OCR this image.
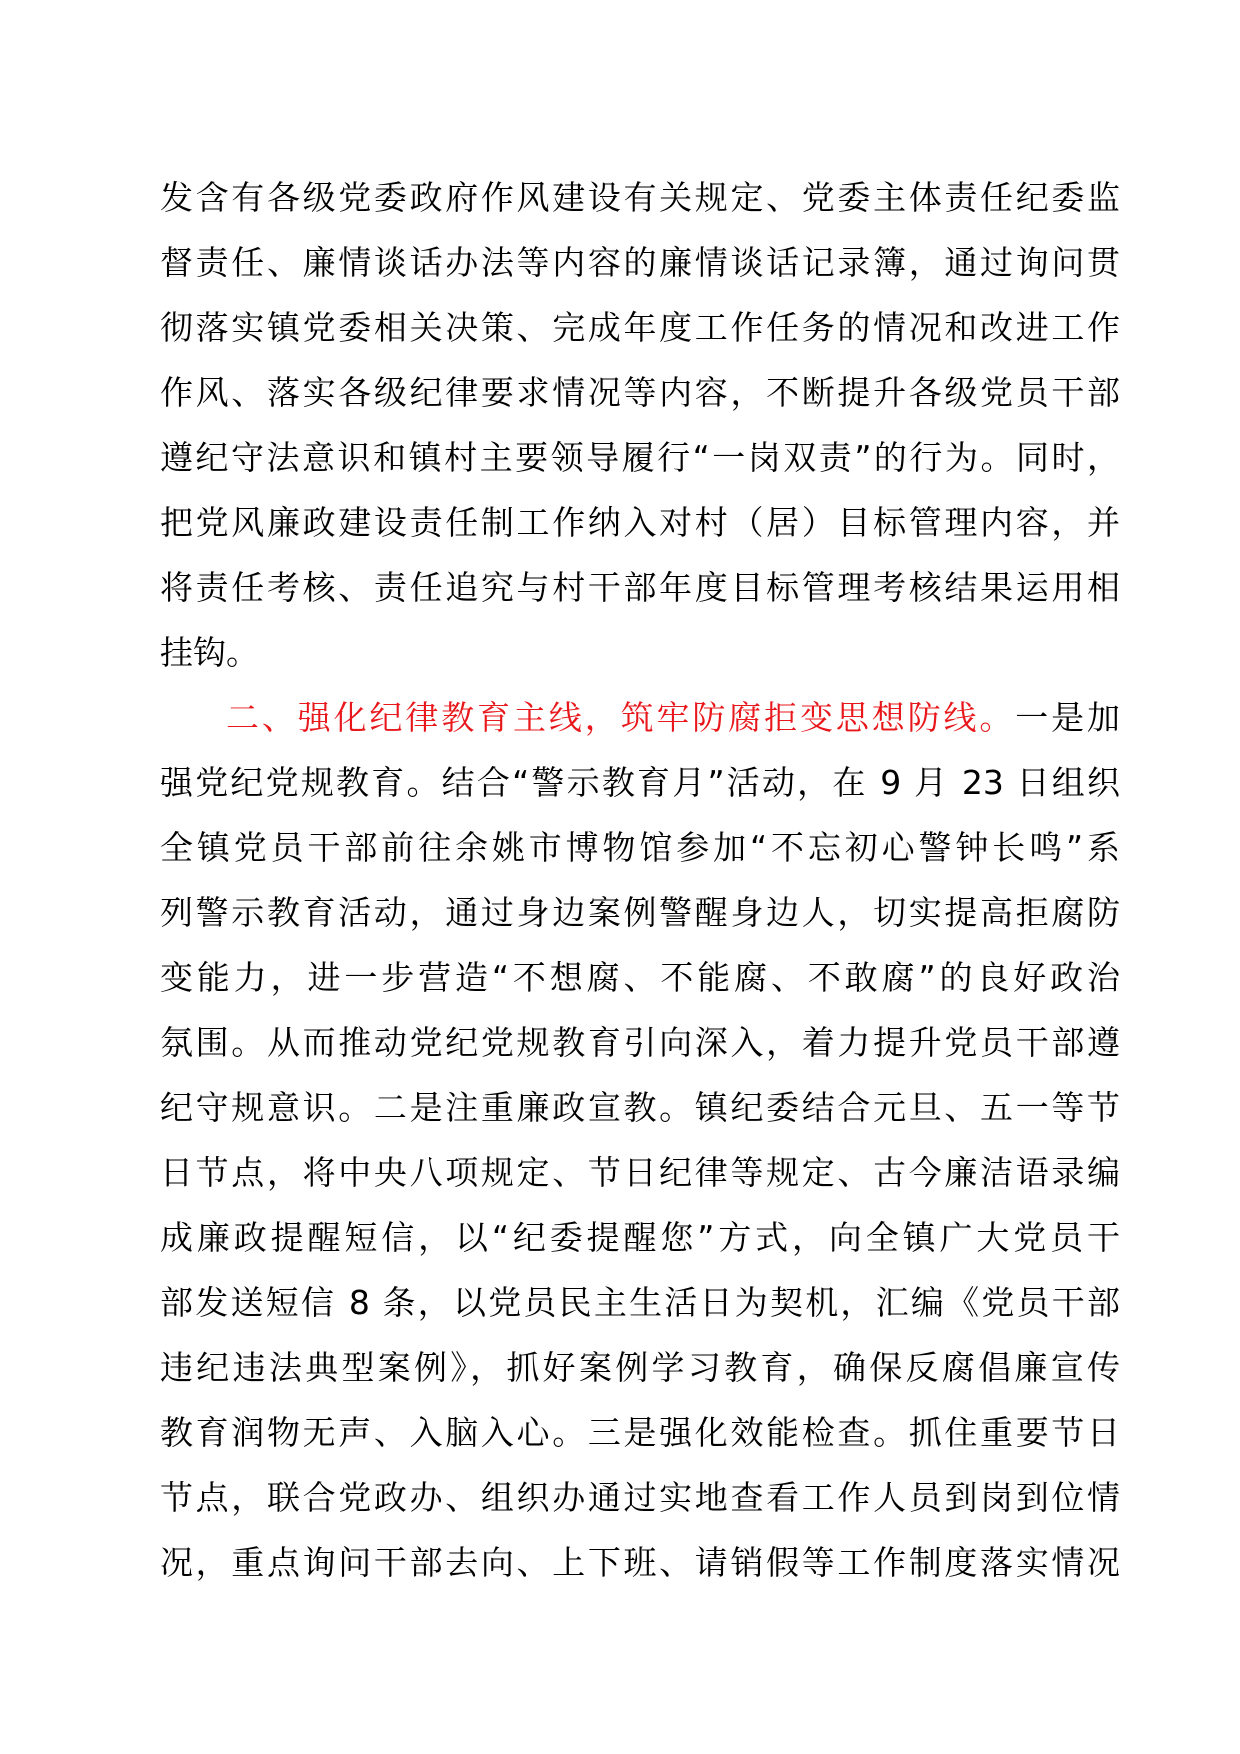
发含有各级党委政府作风建设有关规定、党委主体责任纪委监
督责任、廉情谈话办法等内容的廉情谈话记录簿，通过询问贯
彻落实镇党委相关决策、完成年度工作任务的情况和改进工作
作风、落实各级纪律要求情况等内容，不断提升各级党员干部
遵纪守法意识和镇村主要领导履行“一岗双责”的行为。同时，
把党风廉政建设责任制工作纳入对村（居）目标管理内容，并
将责任考核、责任追究与村干部年度目标管理考核结果运用相
挂钩。
二、强化纪律教育主线，筑牢防腐拒变思想防线。一是加
强党纪党规教育。结合“警示教育月”活动，在 9 月 23 日组织
全镇党员干部前往余姚市博物馆参加“不忘初心警钟长鸣”系
列警示教育活动，通过身边案例警醒身边人，切实提高拒腐防
变能力，进一步营造“不想腐、不能腐、不敢腐”的良好政治
氛围。从而推动党纪党规教育引向深入，着力提升党员干部遵
纪守规意识。二是注重廉政宣教。镇纪委结合元旦、五一等节
日节点，将中央八项规定、节日纪律等规定、古今廉洁语录编
成廉政提醒短信，以“纪委提醒您”方式，向全镇广大党员干
部发送短信 8 条，以党员民主生活日为契机，汇编《党员干部
违纪违法典型案例》，抓好案例学习教育，确保反腐倡廉宣传
教育润物无声、入脑入心。三是强化效能检查。抓住重要节日
节点，联合党政办、组织办通过实地查看工作人员到岗到位情
况，重点询问干部去向、上下班、请销假等工作制度落实情况
